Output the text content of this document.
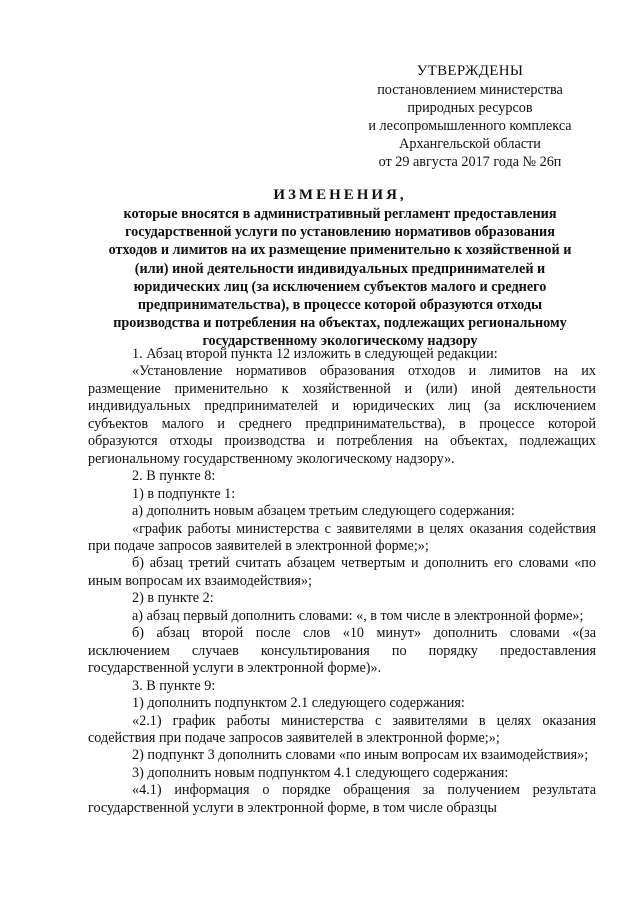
УТВЕРЖДЕНЫ
постановлением министерства
природных ресурсов
и лесопромышленного комплекса
Архангельской области
от 29 августа 2017 года № 26п
ИЗМЕНЕНИЯ,
которые вносятся в административный регламент предоставления
государственной услуги по установлению нормативов образования
отходов и лимитов на их размещение применительно к хозяйственной и
(или) иной деятельности индивидуальных предпринимателей и
юридических лиц (за исключением субъектов малого и среднего
предпринимательства), в процессе которой образуются отходы
производства и потребления на объектах, подлежащих региональному
государственному экологическому надзору

1. Абзац второй пункта 12 изложить в следующей редакции:

«Установление нормативов образования отходов и лимитов на их размещение применительно к хозяйственной и (или) иной деятельности индивидуальных предпринимателей и юридических лиц (за исключением субъектов малого и среднего предпринимательства), в процессе которой образуются отходы производства и потребления на объектах, подлежащих региональному государственному экологическому надзору».

2. В пункте 8:

1) в подпункте 1:

а) дополнить новым абзацем третьим следующего содержания:

«график работы министерства с заявителями в целях оказания содействия при подаче запросов заявителей в электронной форме;»;

б) абзац третий считать абзацем четвертым и дополнить его словами «по иным вопросам их взаимодействия»;

2) в пункте 2:

а) абзац первый дополнить словами: «, в том числе в электронной форме»;

б) абзац второй после слов «10 минут» дополнить словами «(за исключением случаев консультирования по порядку предоставления государственной услуги в электронной форме)».

3. В пункте 9:

1) дополнить подпунктом 2.1 следующего содержания:

«2.1) график работы министерства с заявителями в целях оказания содействия при подаче запросов заявителей в электронной форме;»;

2) подпункт 3 дополнить словами «по иным вопросам их взаимодействия»;

3) дополнить новым подпунктом 4.1 следующего содержания:

«4.1) информация о порядке обращения за получением результата государственной услуги в электронной форме, в том числе образцы
